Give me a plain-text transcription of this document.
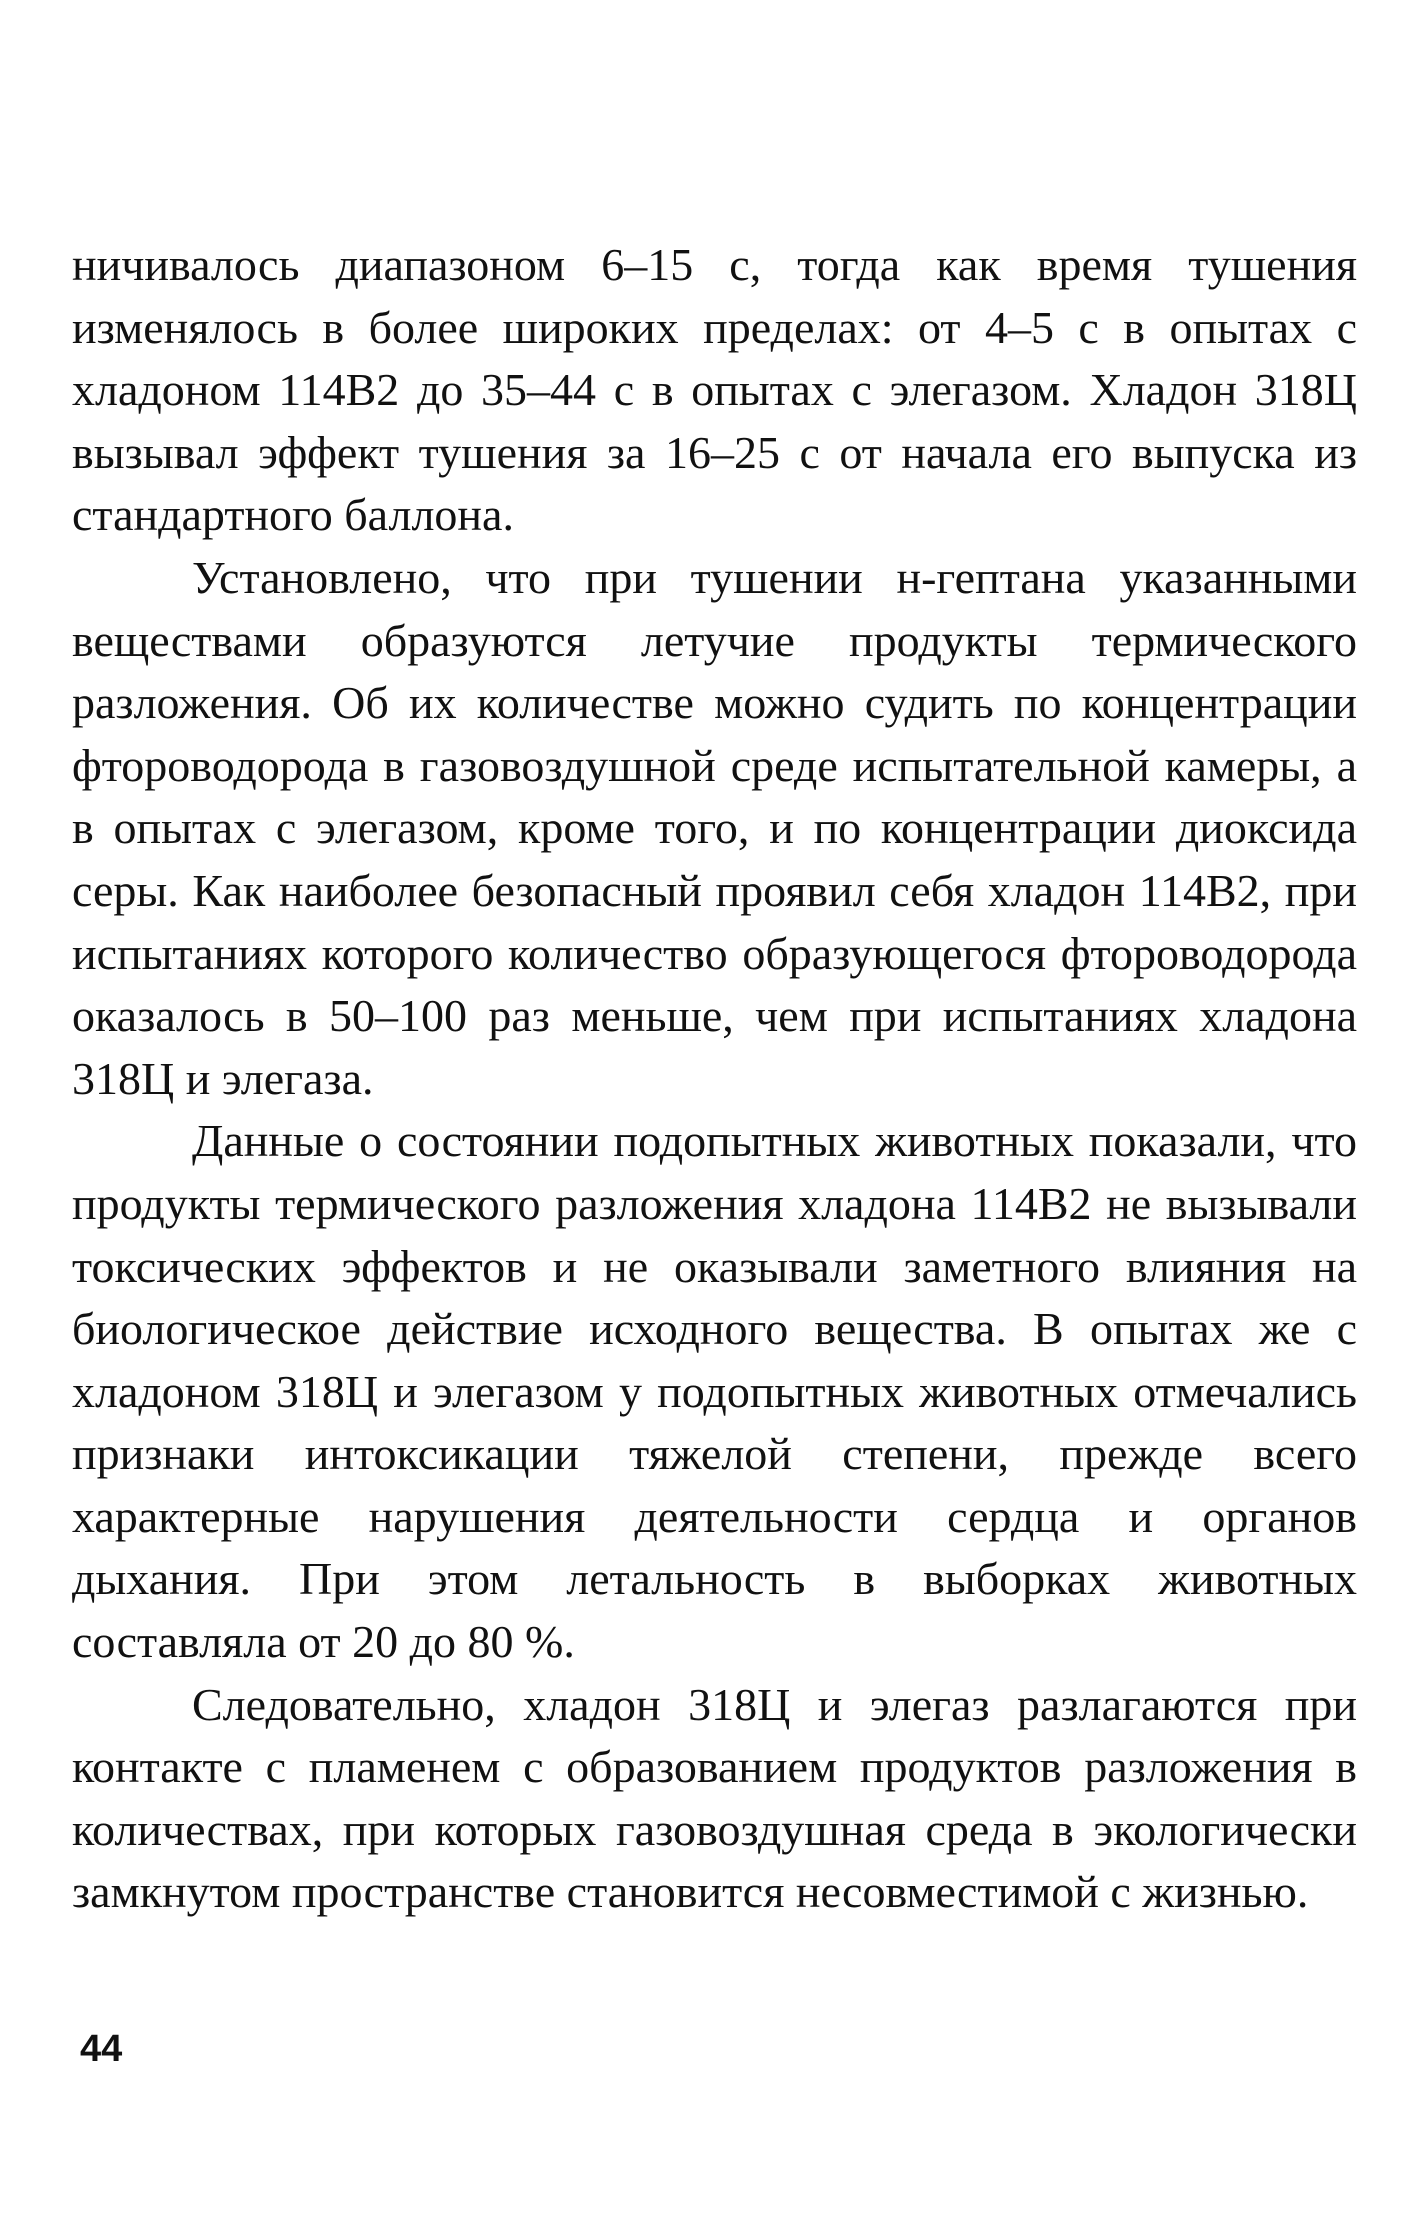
ничивалось диапазоном 6–15 с, тогда как время тушения изменялось в более широких пределах: от 4–5 с в опытах с хладоном 114В2 до 35–44 с в опытах с элегазом. Хладон 318Ц вызывал эффект тушения за 16–25 с от начала его выпуска из стандартного баллона.

Установлено, что при тушении н-гептана указанными веществами образуются летучие продукты термического разложения. Об их количестве можно судить по концентрации фтороводорода в газовоздушной среде испытательной камеры, а в опытах с элегазом, кроме того, и по концентрации диоксида серы. Как наиболее безопасный проявил себя хладон 114В2, при испытаниях которого количество образующегося фтороводорода оказалось в 50–100 раз меньше, чем при испытаниях хладона 318Ц и элегаза.

Данные о состоянии подопытных животных показали, что продукты термического разложения хладона 114В2 не вызывали токсических эффектов и не оказывали заметного влияния на биологическое действие исходного вещества. В опытах же с хладоном 318Ц и элегазом у подопытных животных отмечались признаки интоксикации тяжелой степени, прежде всего характерные нарушения деятельности сердца и органов дыхания. При этом летальность в выборках животных составляла от 20 до 80 %.

Следовательно, хладон 318Ц и элегаз разлагаются при контакте с пламенем с образованием продуктов разложения в количествах, при которых газовоздушная среда в экологически замкнутом пространстве становится несовместимой с жизнью.

44
